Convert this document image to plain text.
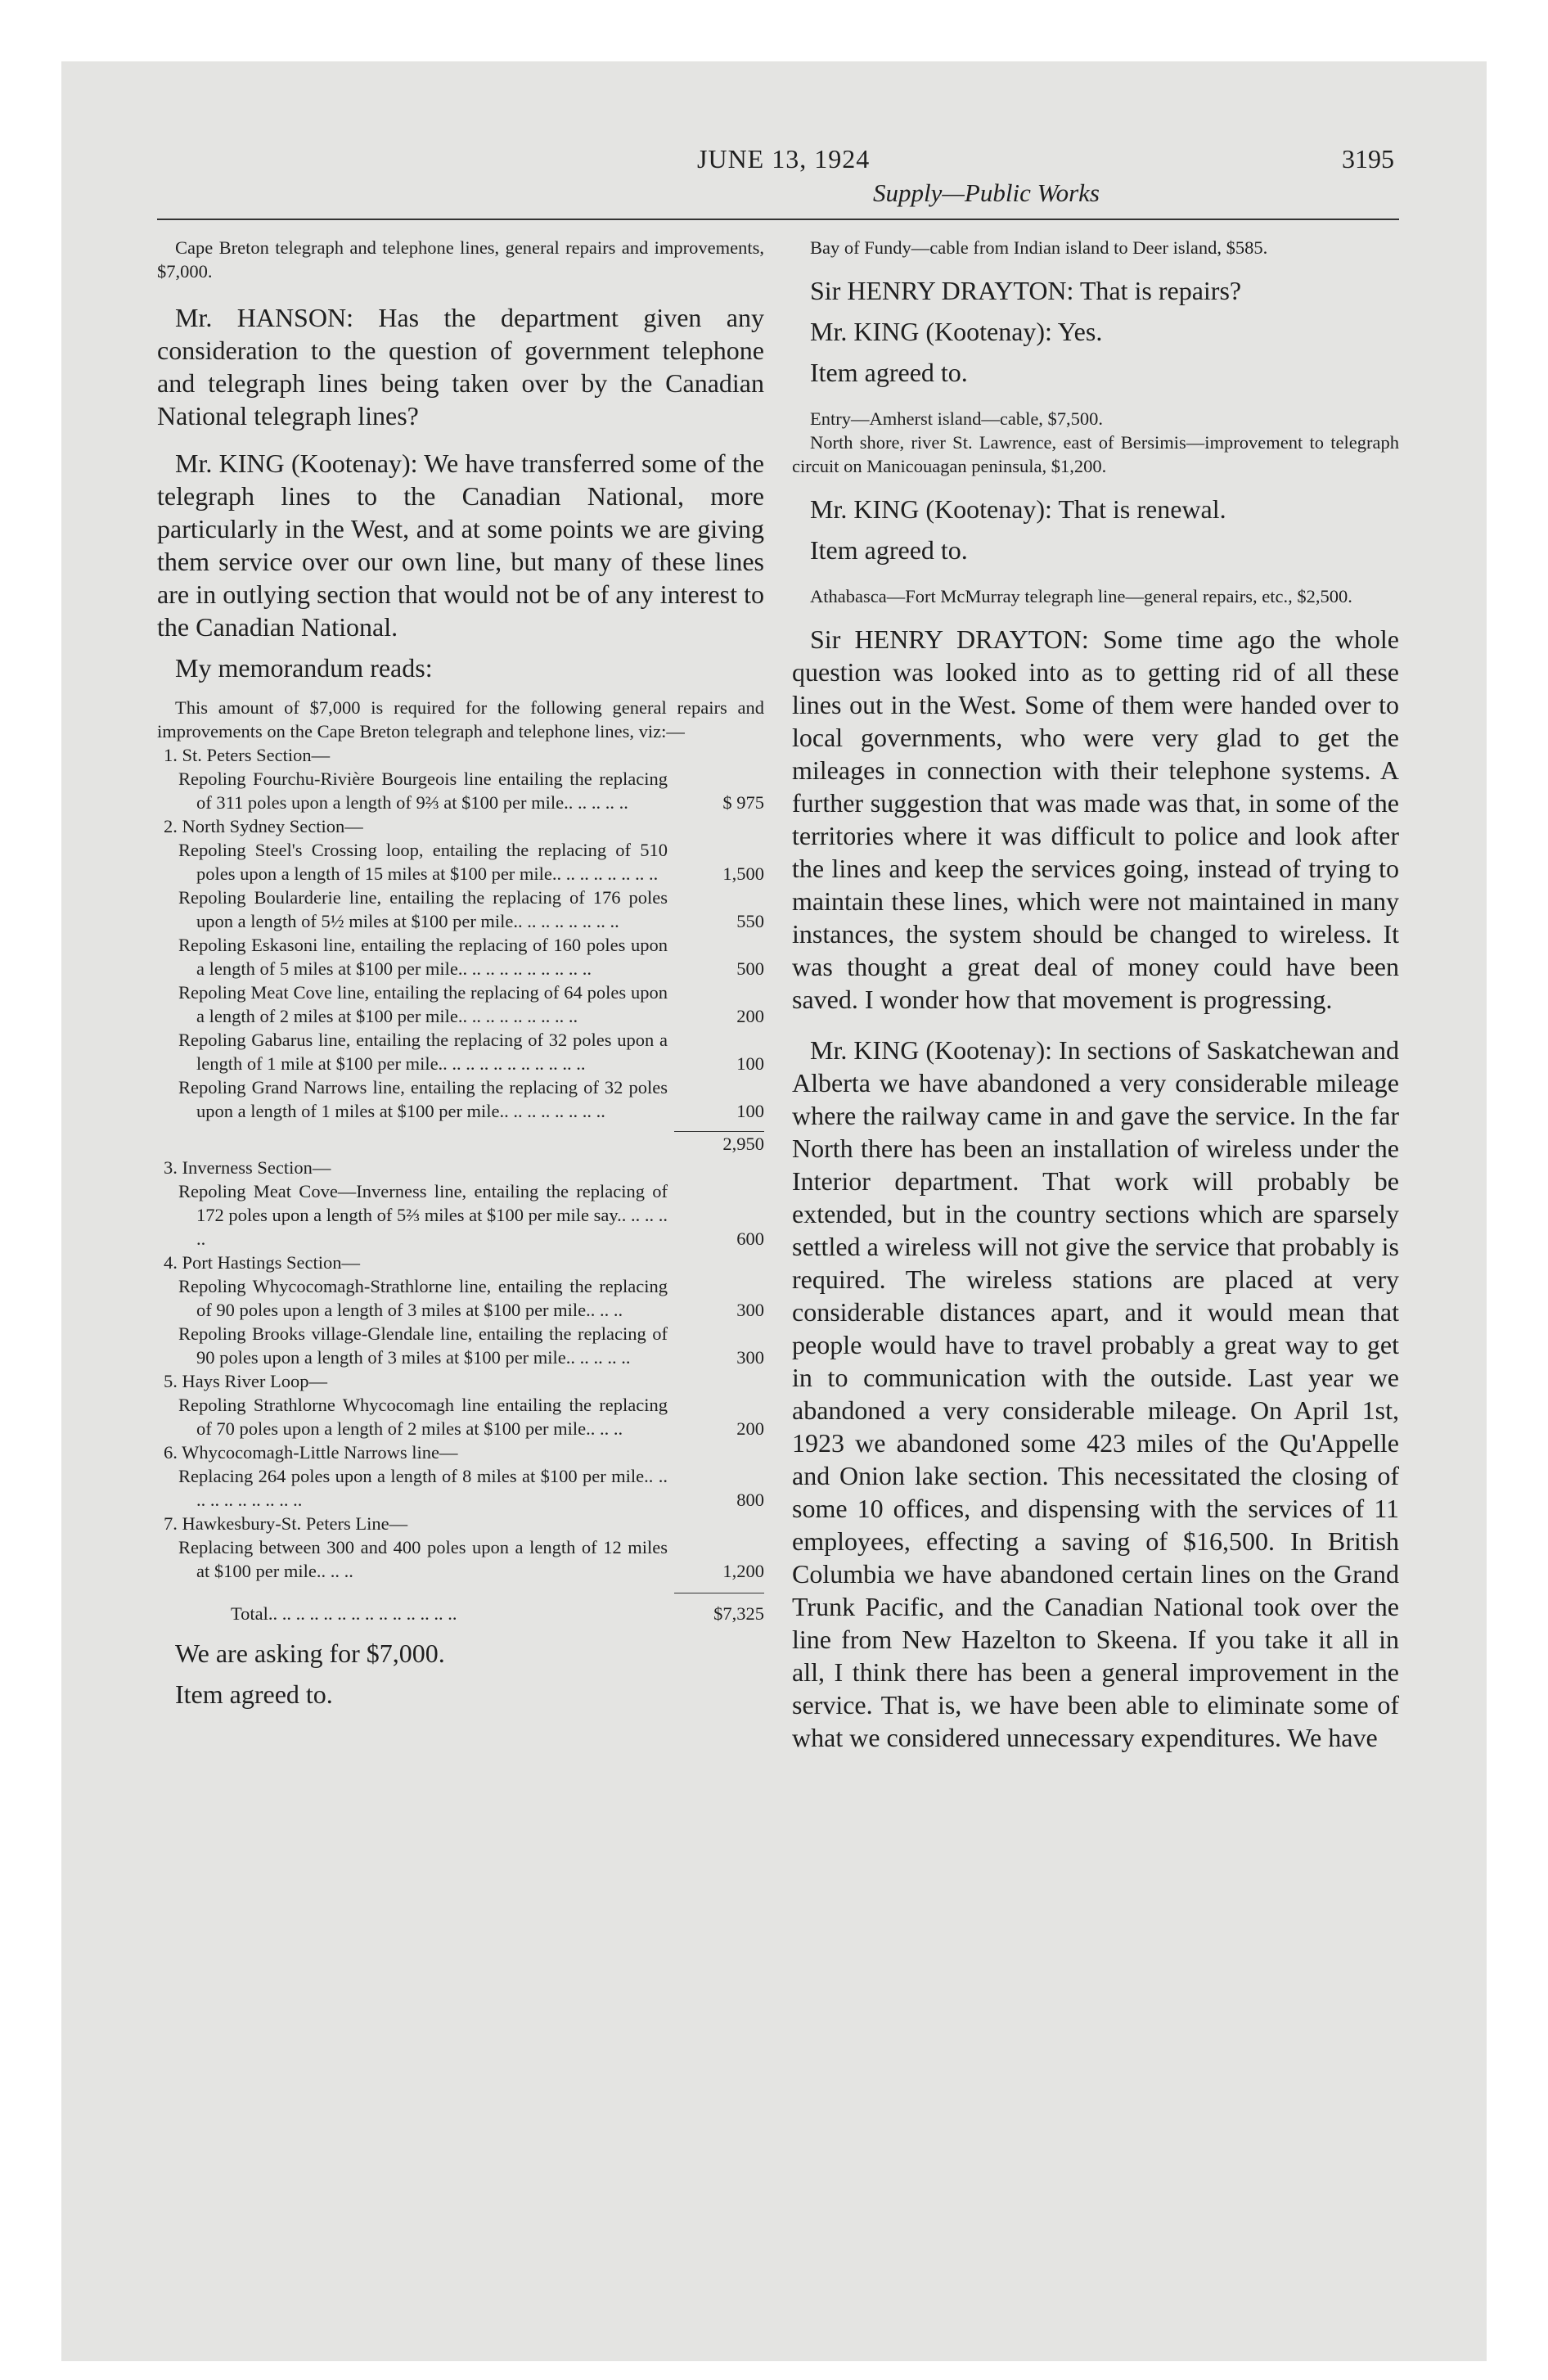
JUNE 13, 1924	3195
Supply—Public Works

Cape Breton telegraph and telephone lines, general repairs and improvements, $7,000.

Mr. HANSON: Has the department given any consideration to the question of government telephone and telegraph lines being taken over by the Canadian National telegraph lines?

Mr. KING (Kootenay): We have transferred some of the telegraph lines to the Canadian National, more particularly in the West, and at some points we are giving them service over our own line, but many of these lines are in outlying section that would not be of any interest to the Canadian National.

My memorandum reads:

This amount of $7,000 is required for the following general repairs and improvements on the Cape Breton telegraph and telephone lines, viz:—

1. St. Peters Section—
Repoling Fourchu-Rivière Bourgeois line entailing the replacing of 311 poles upon a length of 9⅔ at $100 per mile.. .. .. .. ..	$ 975
2. North Sydney Section—
Repoling Steel's Crossing loop, entailing the replacing of 510 poles upon a length of 15 miles at $100 per mile.. .. .. .. .. .. .. ..	1,500
Repoling Boularderie line, entailing the replacing of 176 poles upon a length of 5½ miles at $100 per mile.. .. .. .. .. .. .. ..	550
Repoling Eskasoni line, entailing the replacing of 160 poles upon a length of 5 miles at $100 per mile.. .. .. .. .. .. .. .. .. ..	500
Repoling Meat Cove line, entailing the replacing of 64 poles upon a length of 2 miles at $100 per mile.. .. .. .. .. .. .. .. ..	200
Repoling Gabarus line, entailing the replacing of 32 poles upon a length of 1 mile at $100 per mile.. .. .. .. .. .. .. .. .. .. ..	100
Repoling Grand Narrows line, entailing the replacing of 32 poles upon a length of 1 miles at $100 per mile.. .. .. .. .. .. .. ..	100
2,950
3. Inverness Section—
Repoling Meat Cove—Inverness line, entailing the replacing of 172 poles upon a length of 5⅔ miles at $100 per mile say.. .. .. .. ..	600
4. Port Hastings Section—
Repoling Whycocomagh-Strathlorne line, entailing the replacing of 90 poles upon a length of 3 miles at $100 per mile.. .. ..	300
Repoling Brooks village-Glendale line, entailing the replacing of 90 poles upon a length of 3 miles at $100 per mile.. .. .. .. ..	300
5. Hays River Loop—
Repoling Strathlorne Whycocomagh line entailing the replacing of 70 poles upon a length of 2 miles at $100 per mile.. .. ..	200
6. Whycocomagh-Little Narrows line—
Replacing 264 poles upon a length of 8 miles at $100 per mile.. .. .. .. .. .. .. .. .. ..	800
7. Hawkesbury-St. Peters Line—
Replacing between 300 and 400 poles upon a length of 12 miles at $100 per mile.. .. ..	1,200
Total.. .. .. .. .. .. .. .. .. .. .. .. .. ..	$7,325

We are asking for $7,000.

Item agreed to.

Bay of Fundy—cable from Indian island to Deer island, $585.

Sir HENRY DRAYTON: That is repairs?

Mr. KING (Kootenay): Yes.

Item agreed to.

Entry—Amherst island—cable, $7,500.

North shore, river St. Lawrence, east of Bersimis—improvement to telegraph circuit on Manicouagan peninsula, $1,200.

Mr. KING (Kootenay): That is renewal.

Item agreed to.

Athabasca—Fort McMurray telegraph line—general repairs, etc., $2,500.

Sir HENRY DRAYTON: Some time ago the whole question was looked into as to getting rid of all these lines out in the West. Some of them were handed over to local governments, who were very glad to get the mileages in connection with their telephone systems. A further suggestion that was made was that, in some of the territories where it was difficult to police and look after the lines and keep the services going, instead of trying to maintain these lines, which were not maintained in many instances, the system should be changed to wireless. It was thought a great deal of money could have been saved. I wonder how that movement is progressing.

Mr. KING (Kootenay): In sections of Saskatchewan and Alberta we have abandoned a very considerable mileage where the railway came in and gave the service. In the far North there has been an installation of wireless under the Interior department. That work will probably be extended, but in the country sections which are sparsely settled a wireless will not give the service that probably is required. The wireless stations are placed at very considerable distances apart, and it would mean that people would have to travel probably a great way to get in to communication with the outside. Last year we abandoned a very considerable mileage. On April 1st, 1923 we abandoned some 423 miles of the Qu'Appelle and Onion lake section. This necessitated the closing of some 10 offices, and dispensing with the services of 11 employees, effecting a saving of $16,500. In British Columbia we have abandoned certain lines on the Grand Trunk Pacific, and the Canadian National took over the line from New Hazelton to Skeena. If you take it all in all, I think there has been a general improvement in the service. That is, we have been able to eliminate some of what we considered unnecessary expenditures. We have
